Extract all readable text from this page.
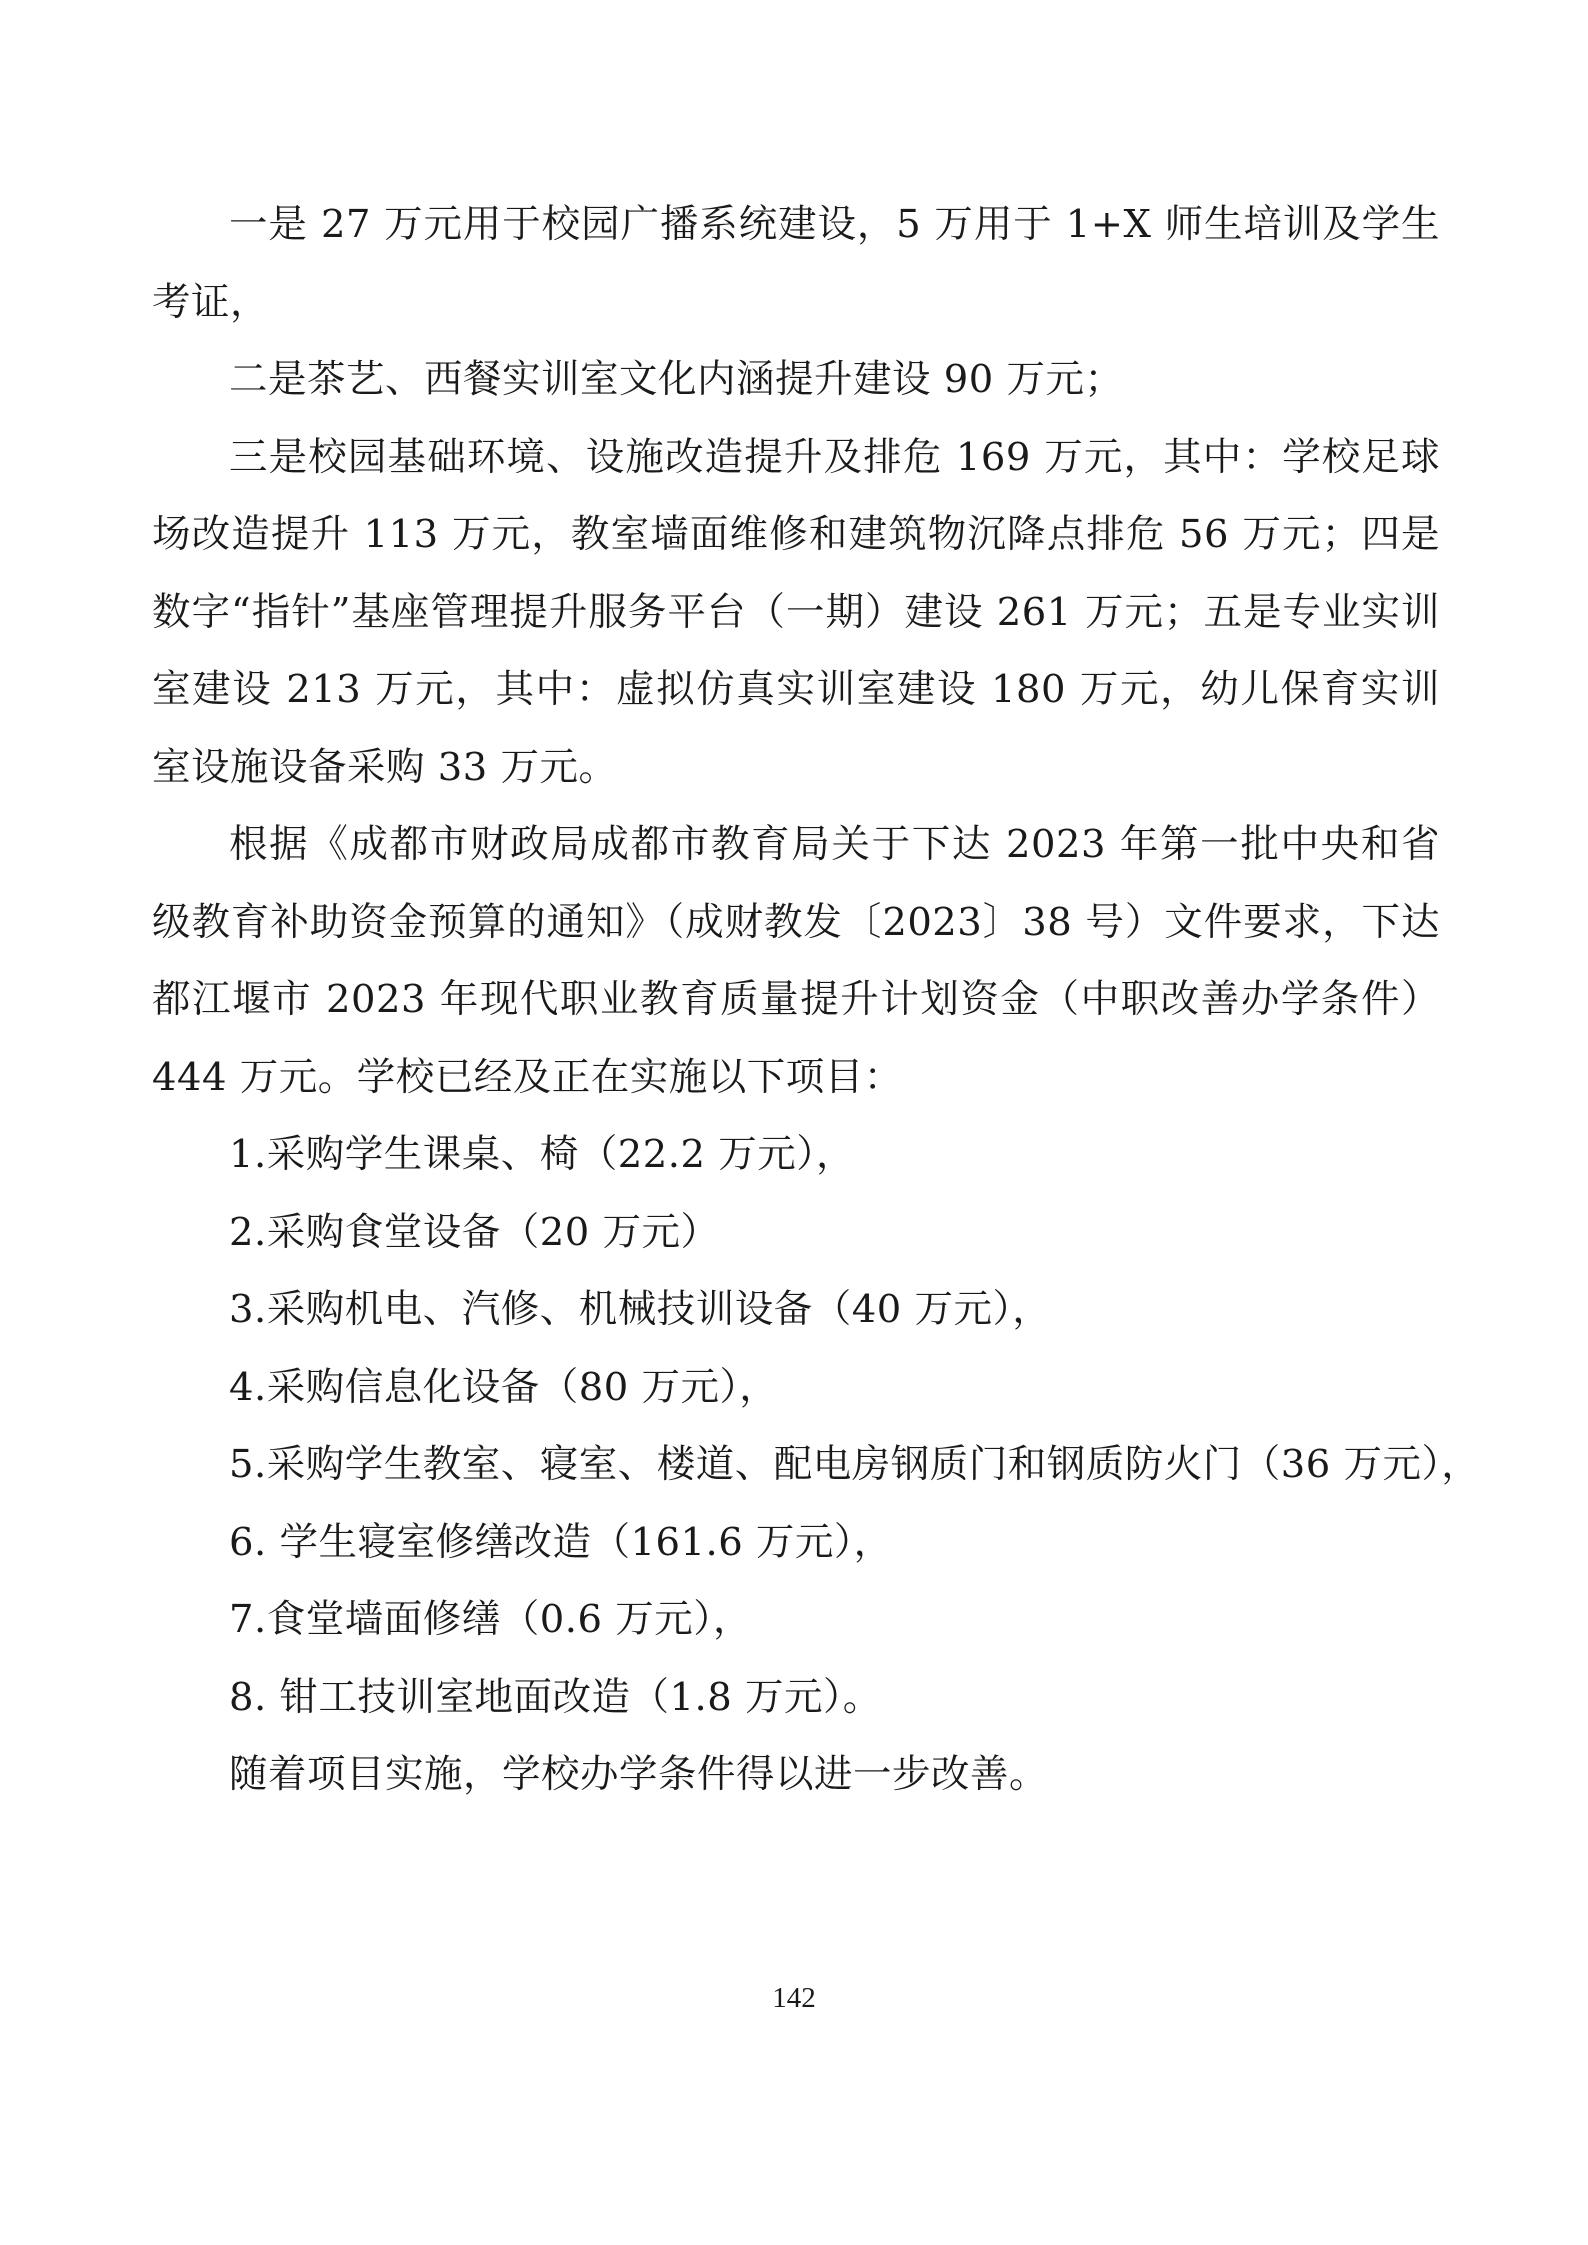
一是 27 万元用于校园广播系统建设，5 万用于 1+X 师生培训及学生考证，

二是茶艺、西餐实训室文化内涵提升建设 90 万元；

三是校园基础环境、设施改造提升及排危 169 万元，其中：学校足球场改造提升 113 万元，教室墙面维修和建筑物沉降点排危 56 万元；四是数字“指针”基座管理提升服务平台（一期）建设 261 万元；五是专业实训室建设 213 万元，其中：虚拟仿真实训室建设 180 万元，幼儿保育实训室设施设备采购 33 万元。

根据《成都市财政局成都市教育局关于下达 2023 年第一批中央和省级教育补助资金预算的通知》（成财教发〔2023〕38 号）文件要求，下达都江堰市 2023 年现代职业教育质量提升计划资金（中职改善办学条件）444 万元。学校已经及正在实施以下项目：

1.采购学生课桌、椅（22.2 万元），

2.采购食堂设备（20 万元）

3.采购机电、汽修、机械技训设备（40 万元），

4.采购信息化设备（80 万元），

5.采购学生教室、寝室、楼道、配电房钢质门和钢质防火门（36 万元），

6. 学生寝室修缮改造（161.6 万元），

7.食堂墙面修缮（0.6 万元），

8. 钳工技训室地面改造（1.8 万元）。

随着项目实施，学校办学条件得以进一步改善。

142
